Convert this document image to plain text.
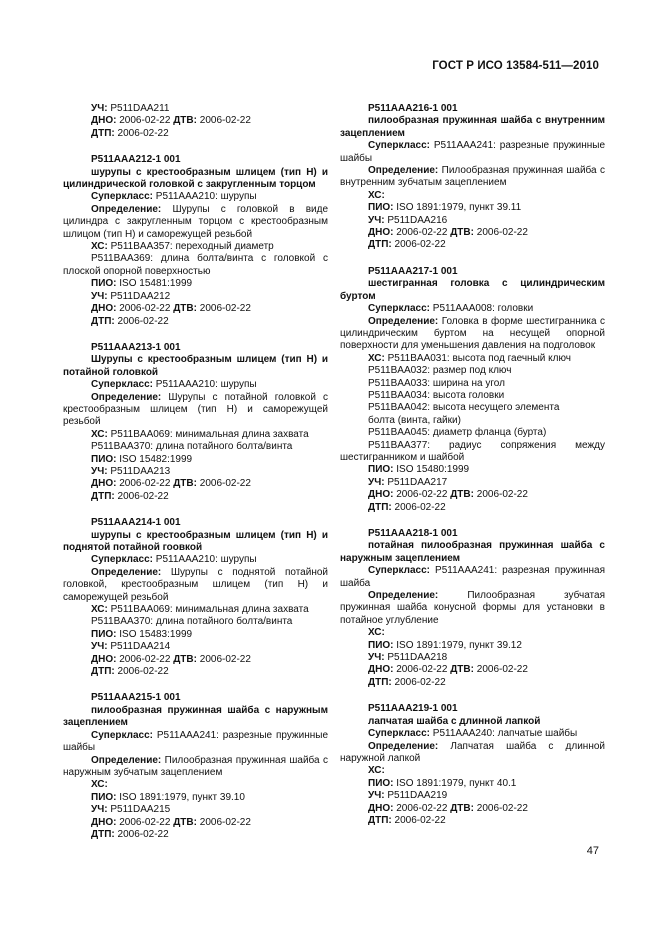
ГОСТ Р ИСО 13584-511—2010

УЧ: P511DAA211

ДНО: 2006-02-22 ДТВ: 2006-02-22

ДТП: 2006-02-22

P511AAA212-1 001

шурупы с крестообразным шлицем (тип Н) и цилиндрической головкой с закругленным торцом

Суперкласс: P511AAA210: шурупы

Определение: Шурупы с головкой в виде цилиндра с закругленным торцом с крестообразным шлицом (тип Н) и саморежущей резьбой

ХС: P511BAA357: переходный диаметр

P511BAA369: длина болта/винта с головкой с плоской опорной поверхностью

ПИО: ISO 15481:1999

УЧ: P511DAA212

ДНО: 2006-02-22 ДТВ: 2006-02-22

ДТП: 2006-02-22

P511AAA213-1 001

Шурупы с крестообразным шлицем (тип Н) и потайной головкой

Суперкласс: P511AAA210: шурупы

Определение: Шурупы с потайной головкой с крестообразным шлицем (тип Н) и саморежущей резьбой

ХС: P511BAA069: минимальная длина захвата

P511BAA370: длина потайного болта/винта

ПИО: ISO 15482:1999

УЧ: P511DAA213

ДНО: 2006-02-22 ДТВ: 2006-02-22

ДТП: 2006-02-22

P511AAA214-1 001

шурупы с крестообразным шлицем (тип Н) и поднятой потайной гоовкой

Суперкласс: P511AAA210: шурупы

Определение: Шурупы с поднятой потайной головкой, крестообразным шлицем (тип Н) и саморежущей резьбой

ХС: P511BAA069: минимальная длина захвата

P511BAA370: длина потайного болта/винта

ПИО: ISO 15483:1999

УЧ: P511DAA214

ДНО: 2006-02-22 ДТВ: 2006-02-22

ДТП: 2006-02-22

P511AAA215-1 001

пилообразная пружинная шайба с наружным зацеплением

Суперкласс: P511AAA241: разрезные пружинные шайбы

Определение: Пилообразная пружинная шайба с наружным зубчатым зацеплением

ХС:

ПИО: ISO 1891:1979, пункт 39.10

УЧ: P511DAA215

ДНО: 2006-02-22 ДТВ: 2006-02-22

ДТП: 2006-02-22

P511AAA216-1 001

пилообразная пружинная шайба с внутренним зацеплением

Суперкласс: P511AAA241: разрезные пружинные шайбы

Определение: Пилообразная пружинная шайба с внутренним зубчатым зацеплением

ХС:

ПИО: ISO 1891:1979, пункт 39.11

УЧ: P511DAA216

ДНО: 2006-02-22 ДТВ: 2006-02-22

ДТП: 2006-02-22

P511AAA217-1 001

шестигранная головка с цилиндрическим буртом

Суперкласс: P511AAA008: головки

Определение: Головка в форме шестигранника с цилиндрическим буртом на несущей опорной поверхности для уменьшения давления на подголовок

ХС: P511BAA031: высота под гаечный ключ

P511BAA032: размер под ключ

P511BAA033: ширина на угол

P511BAA034: высота головки

P511BAA042: высота несущего элемента

болта (винта, гайки)

P511BAA045: диаметр фланца (бурта)

P511BAA377: радиус сопряжения между шестигранником и шайбой

ПИО: ISO 15480:1999

УЧ: P511DAA217

ДНО: 2006-02-22 ДТВ: 2006-02-22

ДТП: 2006-02-22

P511AAA218-1 001

потайная пилообразная пружинная шайба с наружным зацеплением

Суперкласс: P511AAA241: разрезная пружинная шайба

Определение:	Пилообразная зубчатая пружинная шайба конусной формы для установки в потайное углубление

ХС:

ПИО: ISO 1891:1979, пункт 39.12

УЧ: P511DAA218

ДНО: 2006-02-22 ДТВ: 2006-02-22

ДТП: 2006-02-22

P511AAA219-1 001

лапчатая шайба с длинной лапкой

Суперкласс: P511AAA240: лапчатые шайбы

Определение: Лапчатая шайба с длинной наружной лапкой

ХС:

ПИО: ISO 1891:1979, пункт 40.1

УЧ: P511DAA219

ДНО: 2006-02-22 ДТВ: 2006-02-22

ДТП: 2006-02-22

47
